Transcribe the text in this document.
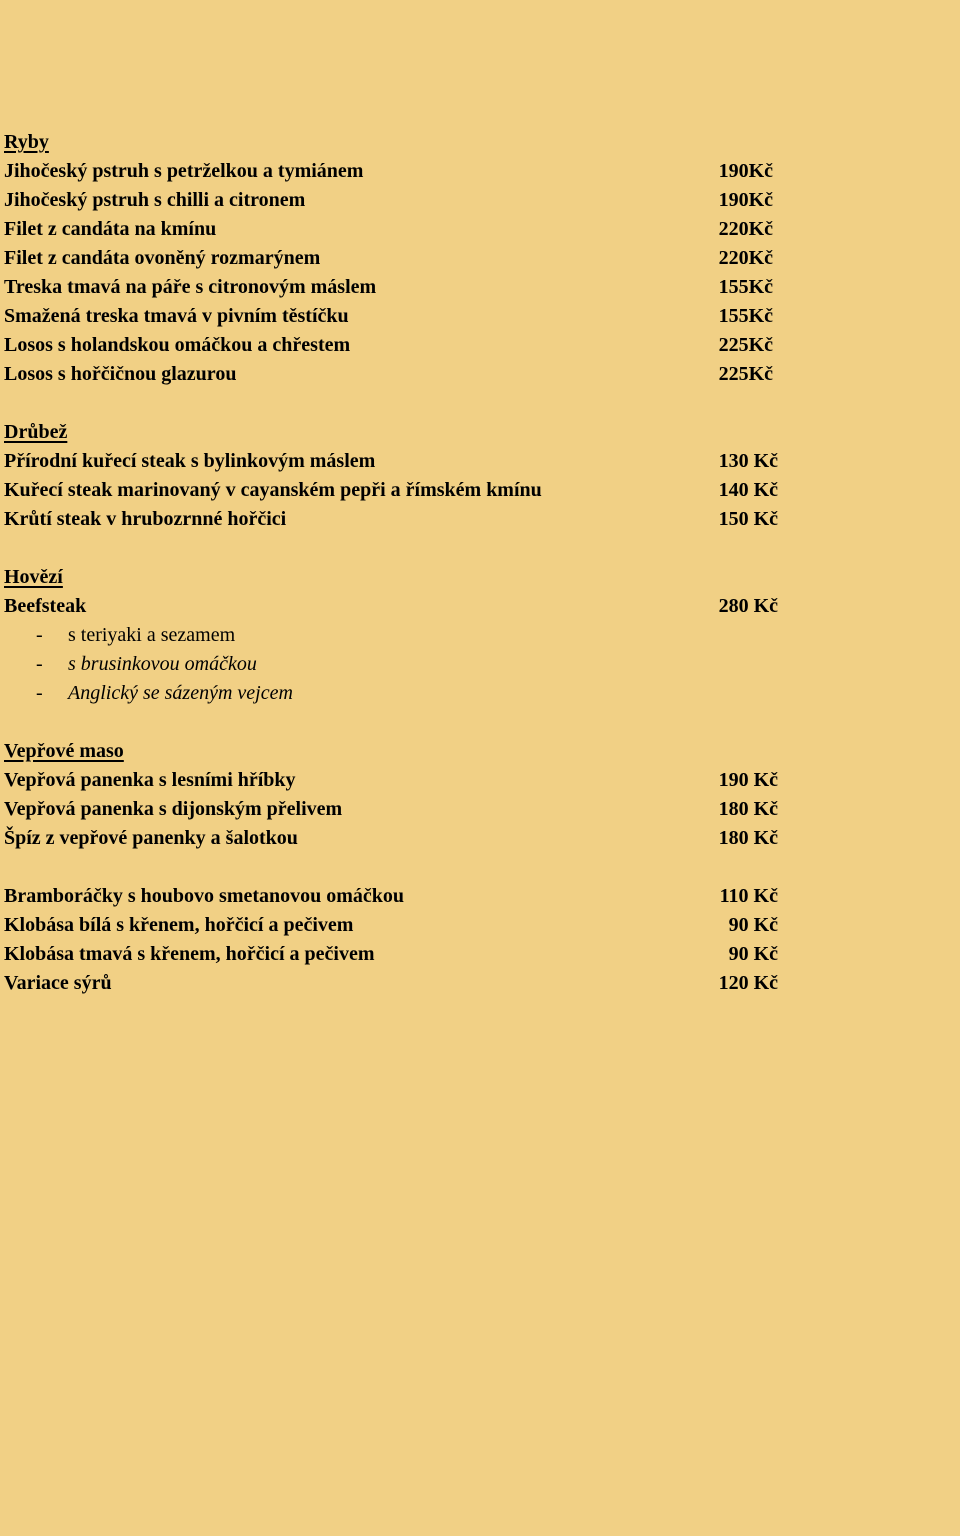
Ryby
Jihočeský pstruh s petrželkou a tymiánem	190Kč
Jihočeský pstruh s chilli a citronem	190Kč
Filet z candáta na kmínu	220Kč
Filet z candáta ovoněný rozmarýnem	220Kč
Treska tmavá na páře s citronovým máslem	155Kč
Smažená treska tmavá v pivním těstíčku	155Kč
Losos s holandskou omáčkou a chřestem	225Kč
Losos s hořčičnou glazurou	225Kč
Drůbež
Přírodní kuřecí steak s bylinkovým máslem	130 Kč
Kuřecí steak marinovaný v cayanském pepři a římském kmínu	140 Kč
Krůtí steak v hrubozrnné hořčici	150 Kč
Hovězí
Beefsteak	280 Kč
- s teriyaki a sezamem
- s brusinkovou omáčkou
- Anglický se sázeným vejcem
Vepřové maso
Vepřová panenka s lesními hříbky	190 Kč
Vepřová panenka s dijonským přelivem	180 Kč
Špíz z vepřové panenky a šalotkou	180 Kč
Bramboráčky s houbovo smetanovou omáčkou	110 Kč
Klobása bílá s křenem, hořčicí a pečivem	90 Kč
Klobása tmavá s křenem, hořčicí a pečivem	90 Kč
Variace sýrů	120 Kč
